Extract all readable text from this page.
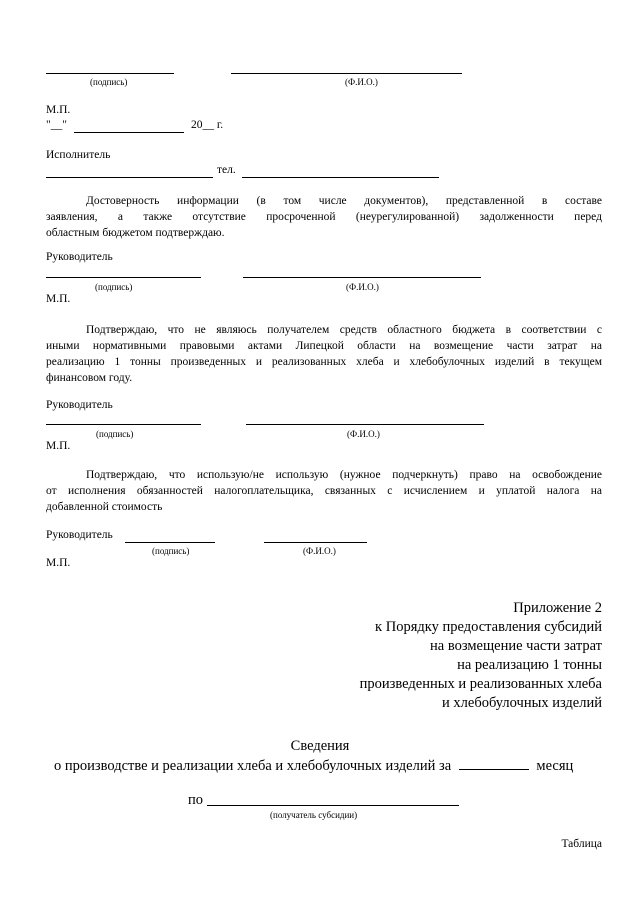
(подпись)	(Ф.И.О.)
М.П.
"__"	20__ г.
Исполнитель
тел.
Достоверность информации (в том числе документов), представленной в составе
заявления, а также отсутствие просроченной (неурегулированной) задолженности перед
областным бюджетом подтверждаю.
Руководитель
(подпись)	(Ф.И.О.)
М.П.
Подтверждаю, что не являюсь получателем средств областного бюджета в соответствии с
иными нормативными правовыми актами Липецкой области на возмещение части затрат на
реализацию 1 тонны произведенных и реализованных хлеба и хлебобулочных изделий в текущем
финансовом году.
Руководитель
(подпись)	(Ф.И.О.)
М.П.
Подтверждаю, что использую/не использую (нужное подчеркнуть) право на освобождение
от исполнения обязанностей налогоплательщика, связанных с исчислением и уплатой налога на
добавленной стоимость
Руководитель
(подпись)	(Ф.И.О.)
М.П.
Приложение 2
к Порядку предоставления субсидий
на возмещение части затрат
на реализацию 1 тонны
произведенных и реализованных хлеба
и хлебобулочных изделий
Сведения
о производстве и реализации хлеба и хлебобулочных изделий за	месяц
по
(получатель субсидии)
Таблица
